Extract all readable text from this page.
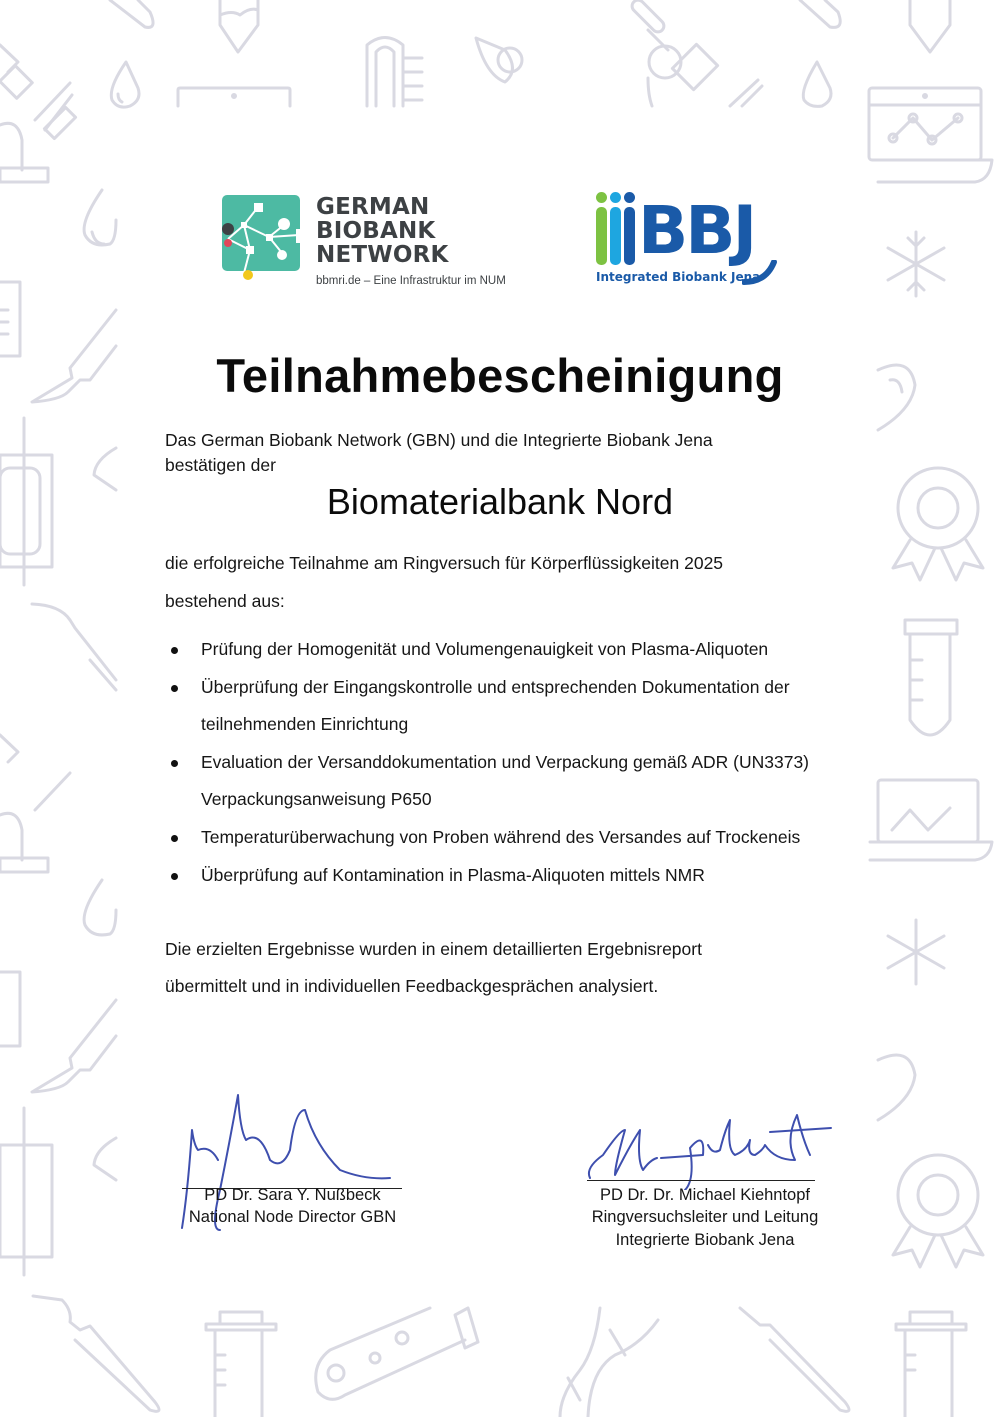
GERMAN
BIOBANK
NETWORK
bbmri.de – Eine Infrastruktur im NUM
BBJ
Integrated Biobank Jena
Teilnahmebescheinigung
Das German Biobank Network (GBN) und die Integrierte Biobank Jena
bestätigen der
Biomaterialbank Nord
die erfolgreiche Teilnahme am Ringversuch für Körperflüssigkeiten 2025
bestehend aus:
Prüfung der Homogenität und Volumengenauigkeit von Plasma-Aliquoten
Überprüfung der Eingangskontrolle und entsprechenden Dokumentation der
teilnehmenden Einrichtung
Evaluation der Versanddokumentation und Verpackung gemäß ADR (UN3373)
Verpackungsanweisung P650
Temperaturüberwachung von Proben während des Versandes auf Trockeneis
Überprüfung auf Kontamination in Plasma-Aliquoten mittels NMR
Die erzielten Ergebnisse wurden in einem detaillierten Ergebnisreport
übermittelt und in individuellen Feedbackgesprächen analysiert.
PD Dr. Sara Y. Nußbeck
National Node Director GBN
PD Dr. Dr. Michael Kiehntopf
Ringversuchsleiter und Leitung
Integrierte Biobank Jena
